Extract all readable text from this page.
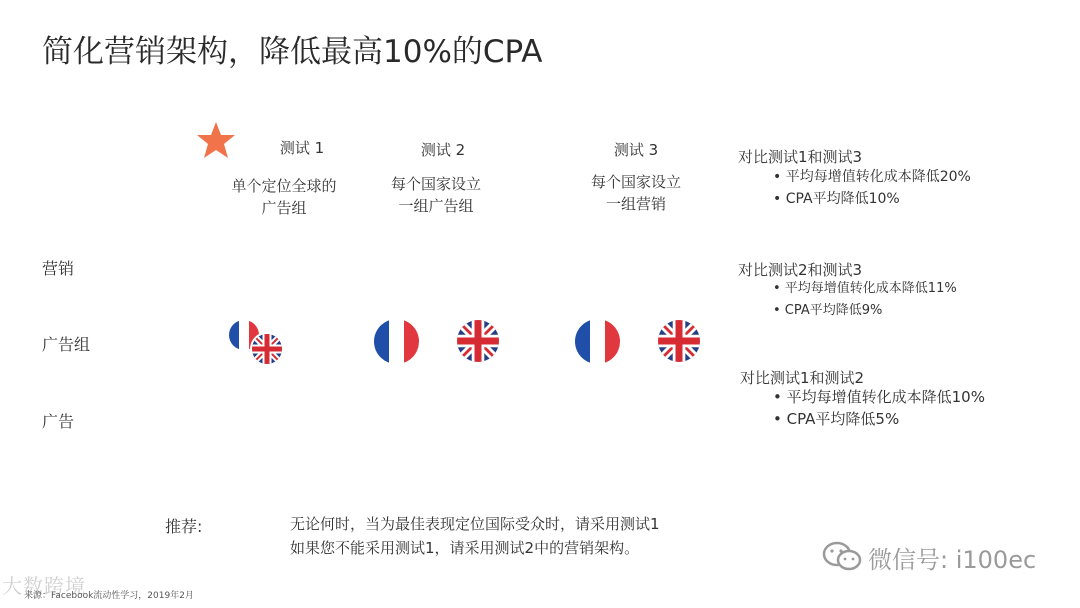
简化营销架构，降低最高10%的CPA
测试 1	测试 2	测试 3
单个定位全球的
广告组
每个国家设立
一组广告组
每个国家设立
一组营销
营销
广告组
广告
对比测试1和测试3
• 平均每增值转化成本降低20%
• CPA平均降低10%
对比测试2和测试3
• 平均每增值转化成本降低11%
• CPA平均降低9%
对比测试1和测试2
• 平均每增值转化成本降低10%
• CPA平均降低5%
推荐:	无论何时，当为最佳表现定位国际受众时，请采用测试1
如果您不能采用测试1，请采用测试2中的营销架构。
大数跨境
来源：Facebook流动性学习，2019年2月
微信号: i100ec
